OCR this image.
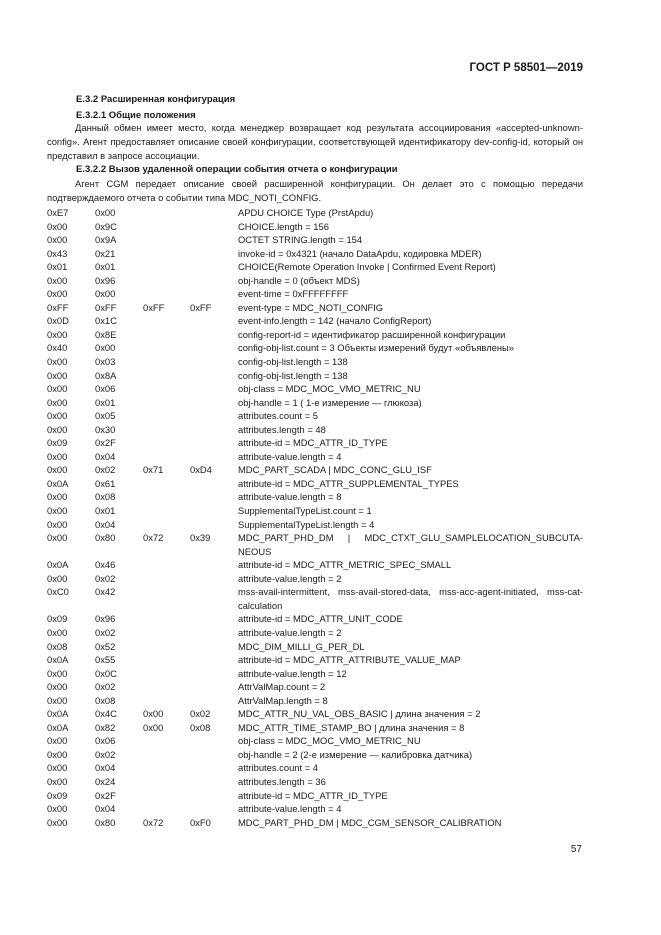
ГОСТ Р 58501—2019
Е.3.2 Расширенная конфигурация
Е.3.2.1 Общие положения
Данный обмен имеет место, когда менеджер возвращает код результата ассоциирования «accepted-unknown-config». Агент предоставляет описание своей конфигурации, соответствующей идентификатору dev-config-id, который он представил в запросе ассоциации.
Е.3.2.2 Вызов удаленной операции события отчета о конфигурации
Агент CGM передает описание своей расширенной конфигурации. Он делает это с помощью передачи подтверждаемого отчета о событии типа MDC_NOTI_CONFIG.
0xE7	0x00	APDU CHOICE Type (PrstApdu)
0x00	0x9C	CHOICE.length = 156
0x00	0x9A	OCTET STRING.length = 154
0x43	0x21	invoke-id = 0x4321 (начало DataApdu, кодировка MDER)
0x01	0x01	CHOICE(Remote Operation Invoke | Confirmed Event Report)
0x00	0x96	obj-handle = 0 (объект MDS)
0x00	0x00	event-time = 0xFFFFFFFF
0xFF	0xFF	0xFF	0xFF	event-type = MDC_NOTI_CONFIG
0x0D	0x1C	event-info.length = 142 (начало ConfigReport)
0x00	0x8E	config-report-id = идентификатор расширенной конфигурации
0x40	0x00	config-obj-list.count = 3 Объекты измерений будут «объявлены»
0x00	0x03	config-obj-list.length = 138
0x00	0x8A	config-obj-list.length = 138
0x00	0x06	obj-class = MDC_MOC_VMO_METRIC_NU
0x00	0x01	obj-handle = 1 ( 1-е измерение — глюкоза)
0x00	0x05	attributes.count = 5
0x00	0x30	attributes.length = 48
0x09	0x2F	attribute-id = MDC_ATTR_ID_TYPE
0x00	0x04	attribute-value.length = 4
0x00	0x02	0x71	0xD4	MDC_PART_SCADA | MDC_CONC_GLU_ISF
0x0A	0x61	attribute-id = MDC_ATTR_SUPPLEMENTAL_TYPES
0x00	0x08	attribute-value.length = 8
0x00	0x01	SupplementalTypeList.count = 1
0x00	0x04	SupplementalTypeList.length = 4
0x00	0x80	0x72	0x39	MDC_PART_PHD_DM | MDC_CTXT_GLU_SAMPLELOCATION_SUBCUTA-NEOUS
0x0A	0x46	attribute-id = MDC_ATTR_METRIC_SPEC_SMALL
0x00	0x02	attribute-value.length = 2
0xC0	0x42	mss-avail-intermittent, mss-avail-stored-data, mss-acc-agent-initiated, mss-cat-calculation
0x09	0x96	attribute-id = MDC_ATTR_UNIT_CODE
0x00	0x02	attribute-value.length = 2
0x08	0x52	MDC_DIM_MILLI_G_PER_DL
0x0A	0x55	attribute-id = MDC_ATTR_ATTRIBUTE_VALUE_MAP
0x00	0x0C	attribute-value.length = 12
0x00	0x02	AttrValMap.count = 2
0x00	0x08	AttrValMap.length = 8
0x0A	0x4C	0x00	0x02	MDC_ATTR_NU_VAL_OBS_BASIC | длина значения = 2
0x0A	0x82	0x00	0x08	MDC_ATTR_TIME_STAMP_BO | длина значения = 8
0x00	0x06	obj-class = MDC_MOC_VMO_METRIC_NU
0x00	0x02	obj-handle = 2 (2-е измерение — калибровка датчика)
0x00	0x04	attributes.count = 4
0x00	0x24	attributes.length = 36
0x09	0x2F	attribute-id = MDC_ATTR_ID_TYPE
0x00	0x04	attribute-value.length = 4
0x00	0x80	0x72	0xF0	MDC_PART_PHD_DM | MDC_CGM_SENSOR_CALIBRATION
57
